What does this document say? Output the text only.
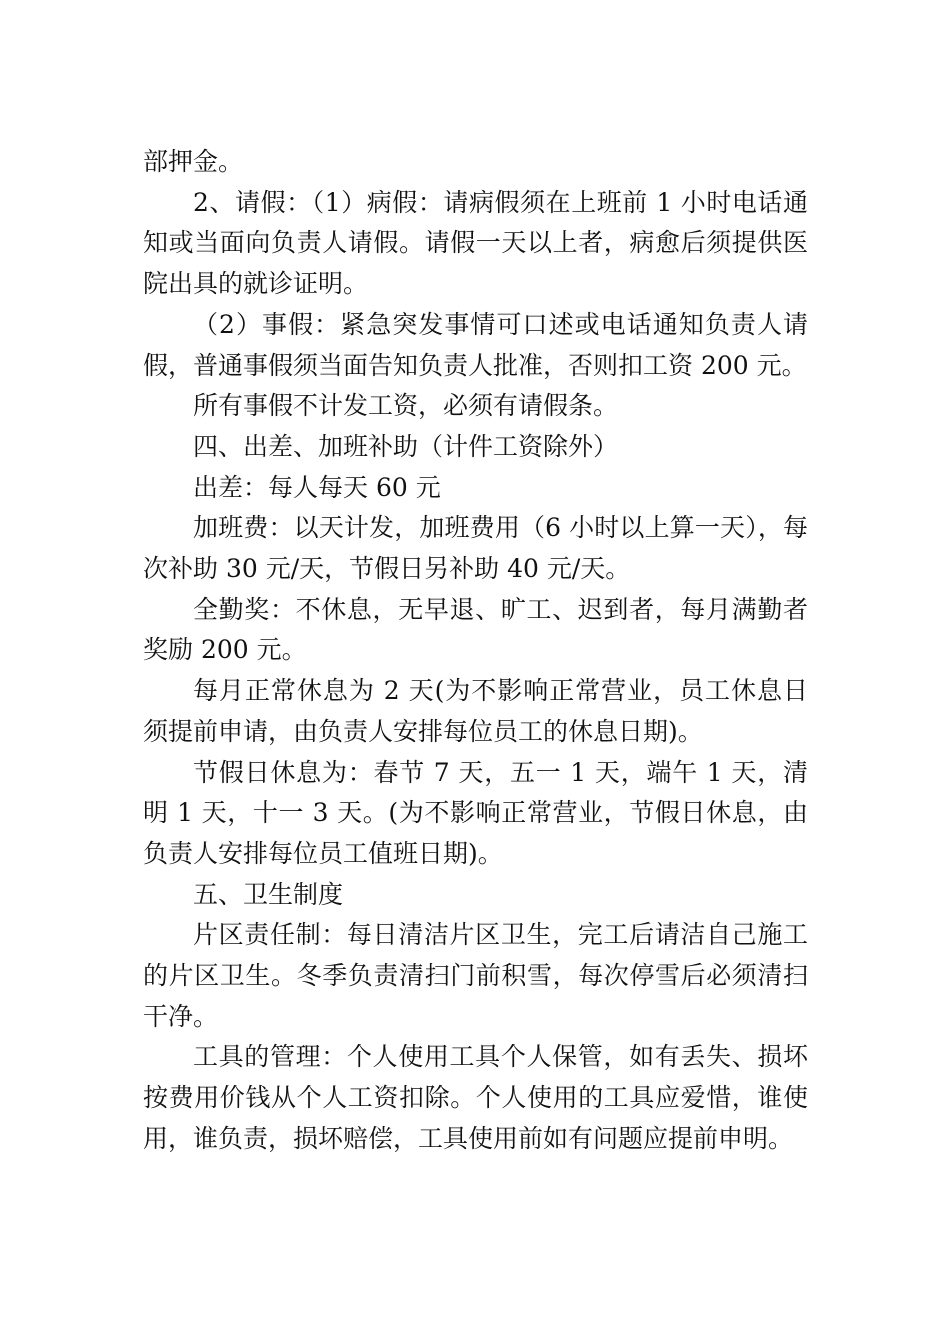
部押金。

2、请假：（1）病假：请病假须在上班前 1 小时电话通知或当面向负责人请假。请假一天以上者，病愈后须提供医院出具的就诊证明。

（2）事假：紧急突发事情可口述或电话通知负责人请假，普通事假须当面告知负责人批准，否则扣工资 200 元。

所有事假不计发工资，必须有请假条。

四、出差、加班补助（计件工资除外）

出差：每人每天 60 元

加班费：以天计发，加班费用（6 小时以上算一天），每次补助 30 元/天，节假日另补助 40 元/天。

全勤奖：不休息，无早退、旷工、迟到者，每月满勤者奖励 200 元。

每月正常休息为 2 天(为不影响正常营业，员工休息日须提前申请，由负责人安排每位员工的休息日期)。

节假日休息为：春节 7 天，五一 1 天，端午 1 天，清明 1 天，十一 3 天。(为不影响正常营业，节假日休息，由负责人安排每位员工值班日期)。

五、卫生制度

片区责任制：每日清洁片区卫生，完工后请洁自己施工的片区卫生。冬季负责清扫门前积雪，每次停雪后必须清扫干净。

工具的管理：个人使用工具个人保管，如有丢失、损坏按费用价钱从个人工资扣除。个人使用的工具应爱惜，谁使用，谁负责，损坏赔偿，工具使用前如有问题应提前申明。
